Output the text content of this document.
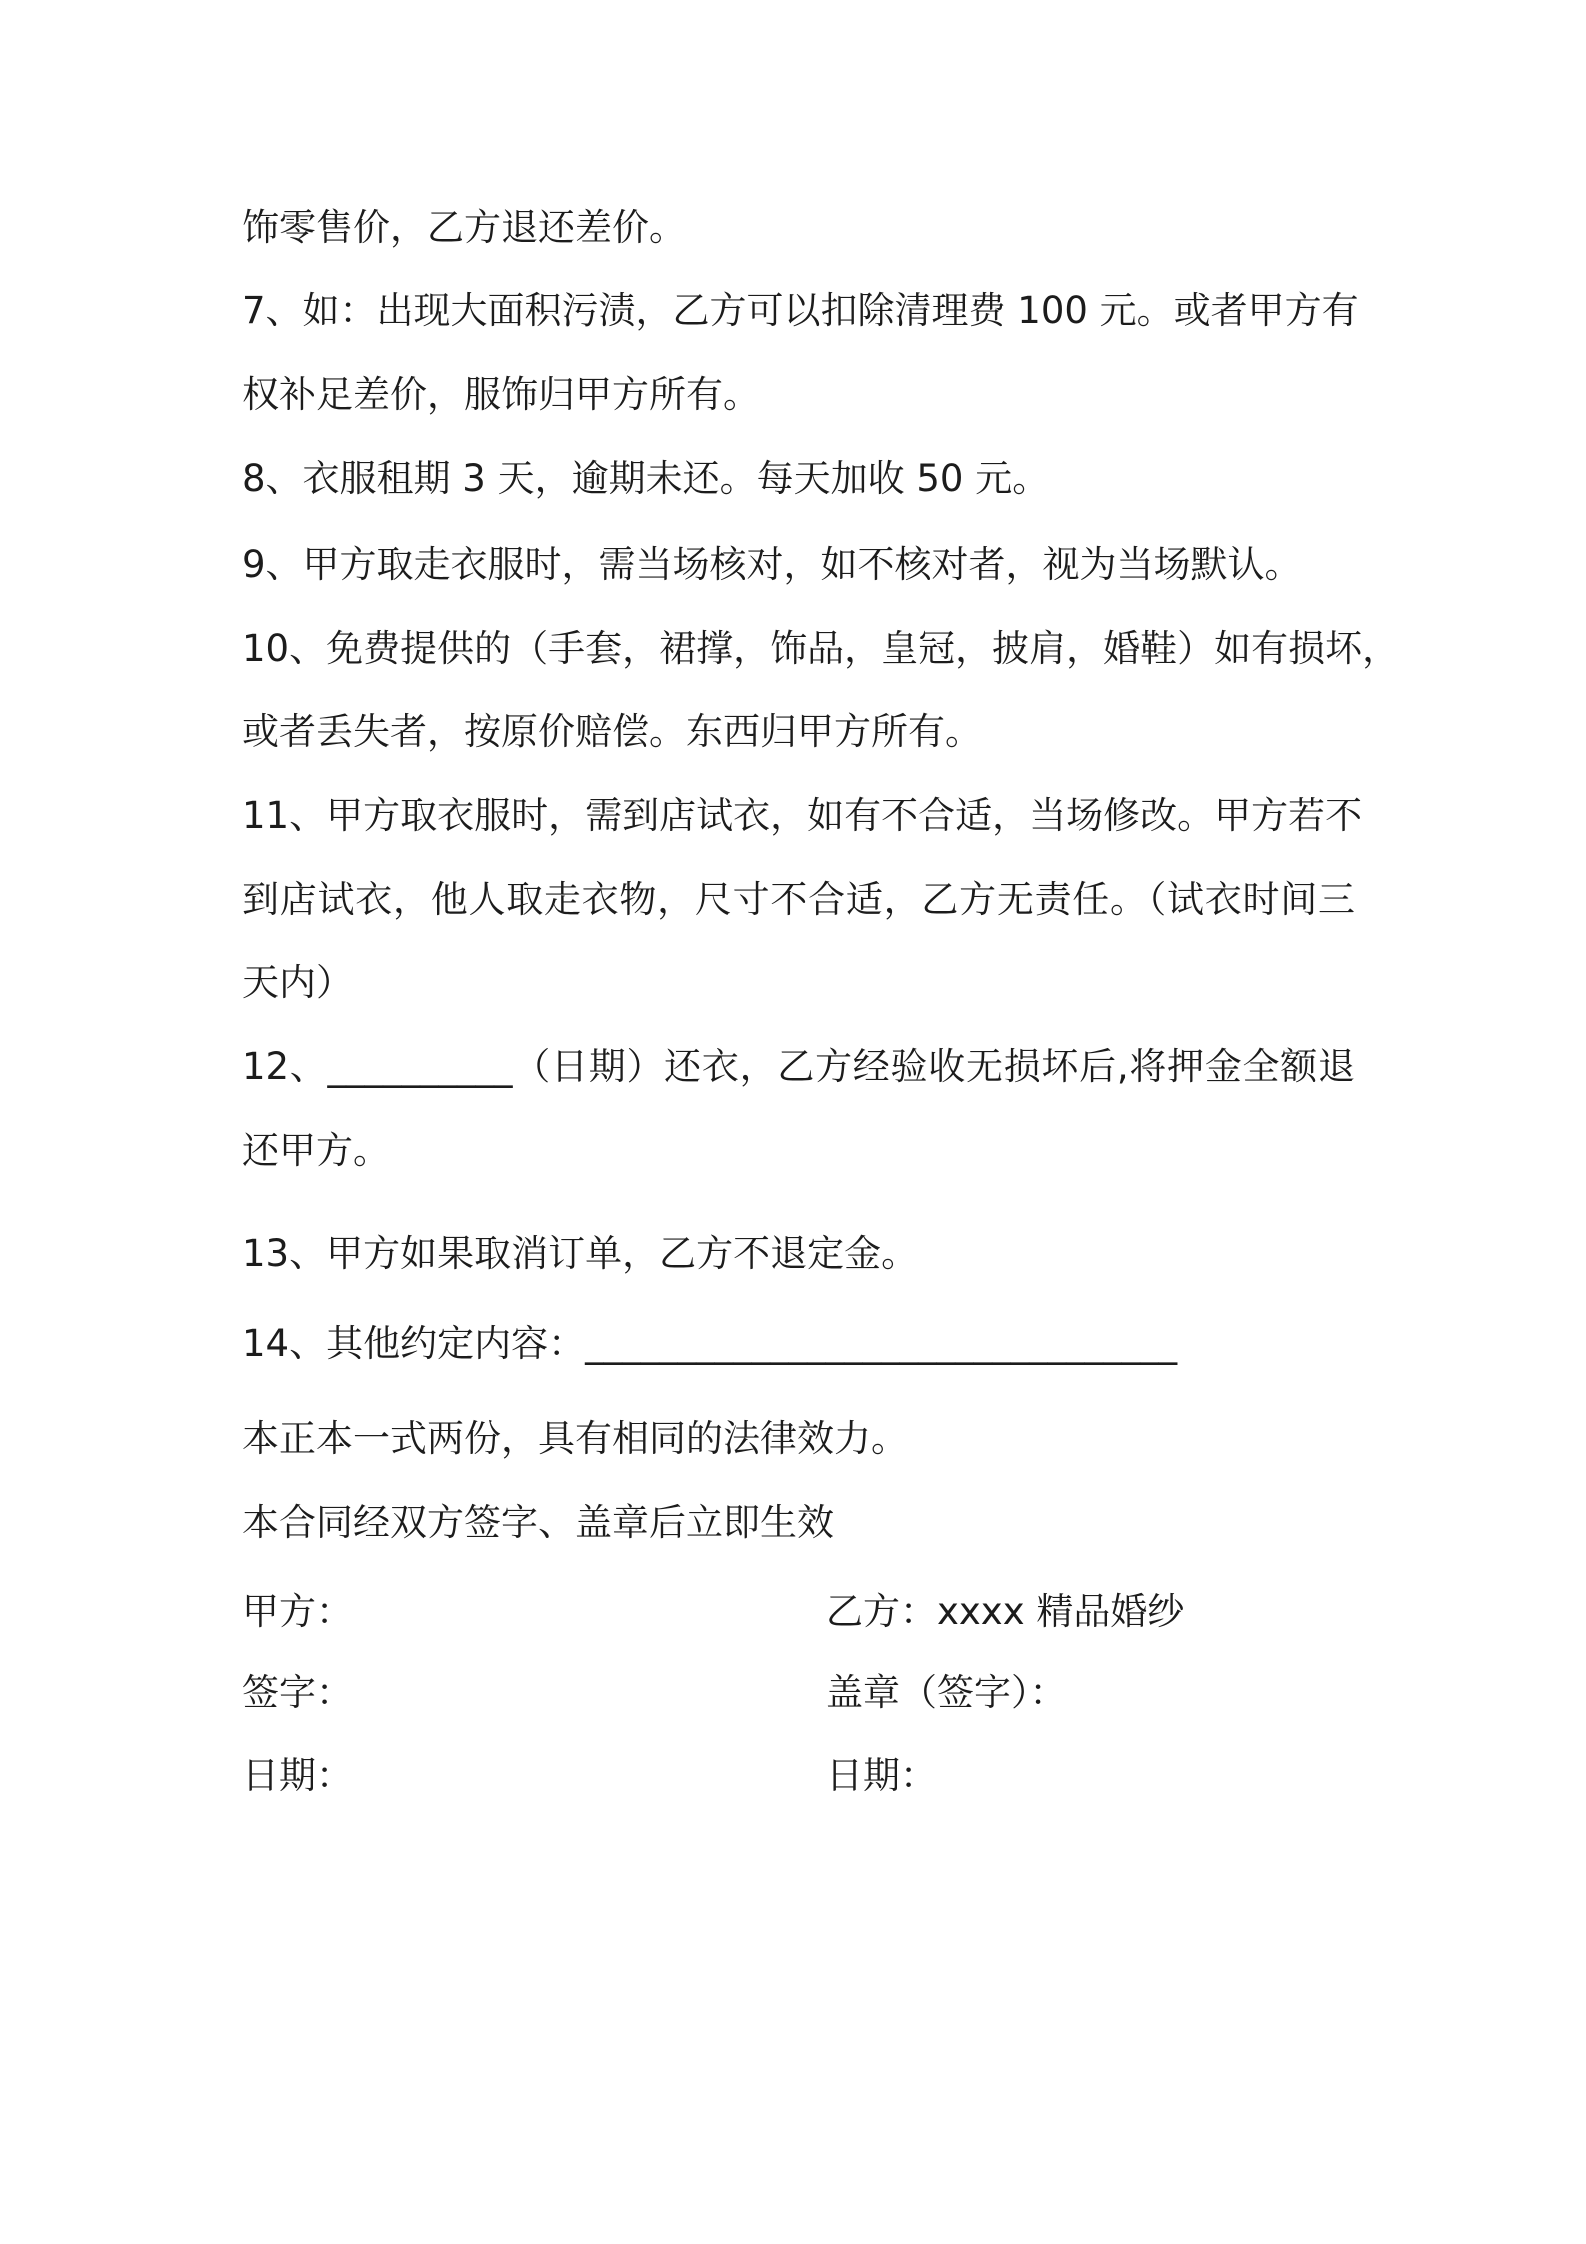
饰零售价，乙方退还差价。
7、如：出现大面积污渍，乙方可以扣除清理费 100 元。或者甲方有
权补足差价，服饰归甲方所有。
8、衣服租期 3 天，逾期未还。每天加收 50 元。
9、甲方取走衣服时，需当场核对，如不核对者，视为当场默认。
10、免费提供的（手套，裙撑，饰品，皇冠，披肩，婚鞋）如有损坏，
或者丢失者，按原价赔偿。东西归甲方所有。
11、甲方取衣服时，需到店试衣，如有不合适，当场修改。甲方若不
到店试衣，他人取走衣物，尺寸不合适，乙方无责任。（试衣时间三
天内）
12、__________（日期）还衣，乙方经验收无损坏后,将押金全额退
还甲方。
13、甲方如果取消订单，乙方不退定金。
14、其他约定内容：________________________________
本正本一式两份，具有相同的法律效力。
本合同经双方签字、盖章后立即生效
甲方：	乙方：xxxx 精品婚纱
签字：	盖章（签字）：
日期：	日期：
